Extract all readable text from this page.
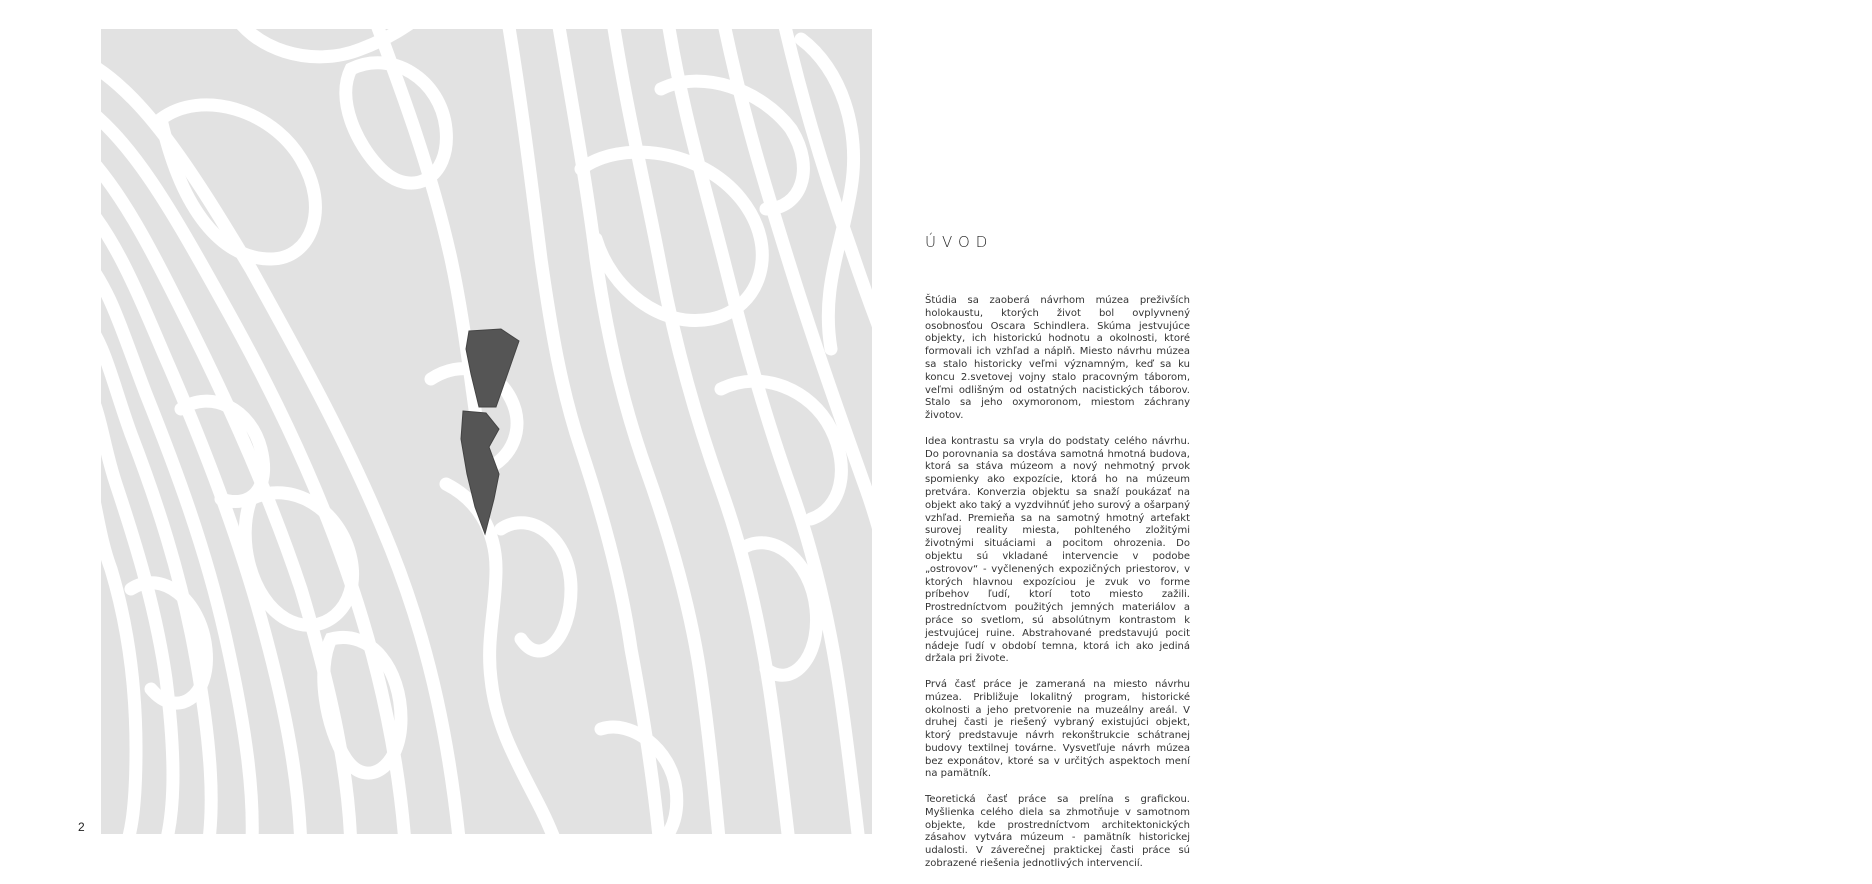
2
ÚVOD

Štúdia sa zaoberá návrhom múzea preživších holokaustu, ktorých život bol ovplyvnený osobnosťou Oscara Schindlera. Skúma jestvujúce objekty, ich historickú hodnotu a okolnosti, ktoré formovali ich vzhľad a náplň. Miesto návrhu múzea sa stalo historicky veľmi významným, keď sa ku koncu 2.svetovej vojny stalo pracovným táborom, veľmi odlišným od ostatných nacistických táborov. Stalo sa jeho oxymoronom, miestom záchrany životov.

Idea kontrastu sa vryla do podstaty celého návrhu. Do porovnania sa dostáva samotná hmotná budova, ktorá sa stáva múzeom a nový nehmotný prvok spomienky ako expozície, ktorá ho na múzeum pretvára. Konverzia objektu sa snaží poukázať na objekt ako taký a vyzdvihnúť jeho surový a ošarpaný vzhľad. Premieňa sa na samotný hmotný artefakt surovej reality miesta, pohlteného zložitými životnými situáciami a pocitom ohrozenia. Do objektu sú vkladané intervencie v podobe „ostrovov“ - vyčlenených expozičných priestorov, v ktorých hlavnou expozíciou je zvuk vo forme príbehov ľudí, ktorí toto miesto zažili. Prostredníctvom použitých jemných materiálov a práce so svetlom, sú absolútnym kontrastom k jestvujúcej ruine. Abstrahované predstavujú pocit nádeje ľudí v období temna, ktorá ich ako jediná držala pri živote.

Prvá časť práce je zameraná na miesto návrhu múzea. Približuje lokalitný program, historické okolnosti a jeho pretvorenie na muzeálny areál. V druhej časti je riešený vybraný existujúci objekt, ktorý predstavuje návrh rekonštrukcie schátranej budovy textilnej továrne. Vysvetľuje návrh múzea bez exponátov, ktoré sa v určitých aspektoch mení na pamätník.

Teoretická časť práce sa prelína s grafickou. Myšlienka celého diela sa zhmotňuje v samotnom objekte, kde prostredníctvom architektonických zásahov vytvára múzeum - pamätník historickej udalosti. V záverečnej praktickej časti práce sú zobrazené riešenia jednotlivých intervencií.
